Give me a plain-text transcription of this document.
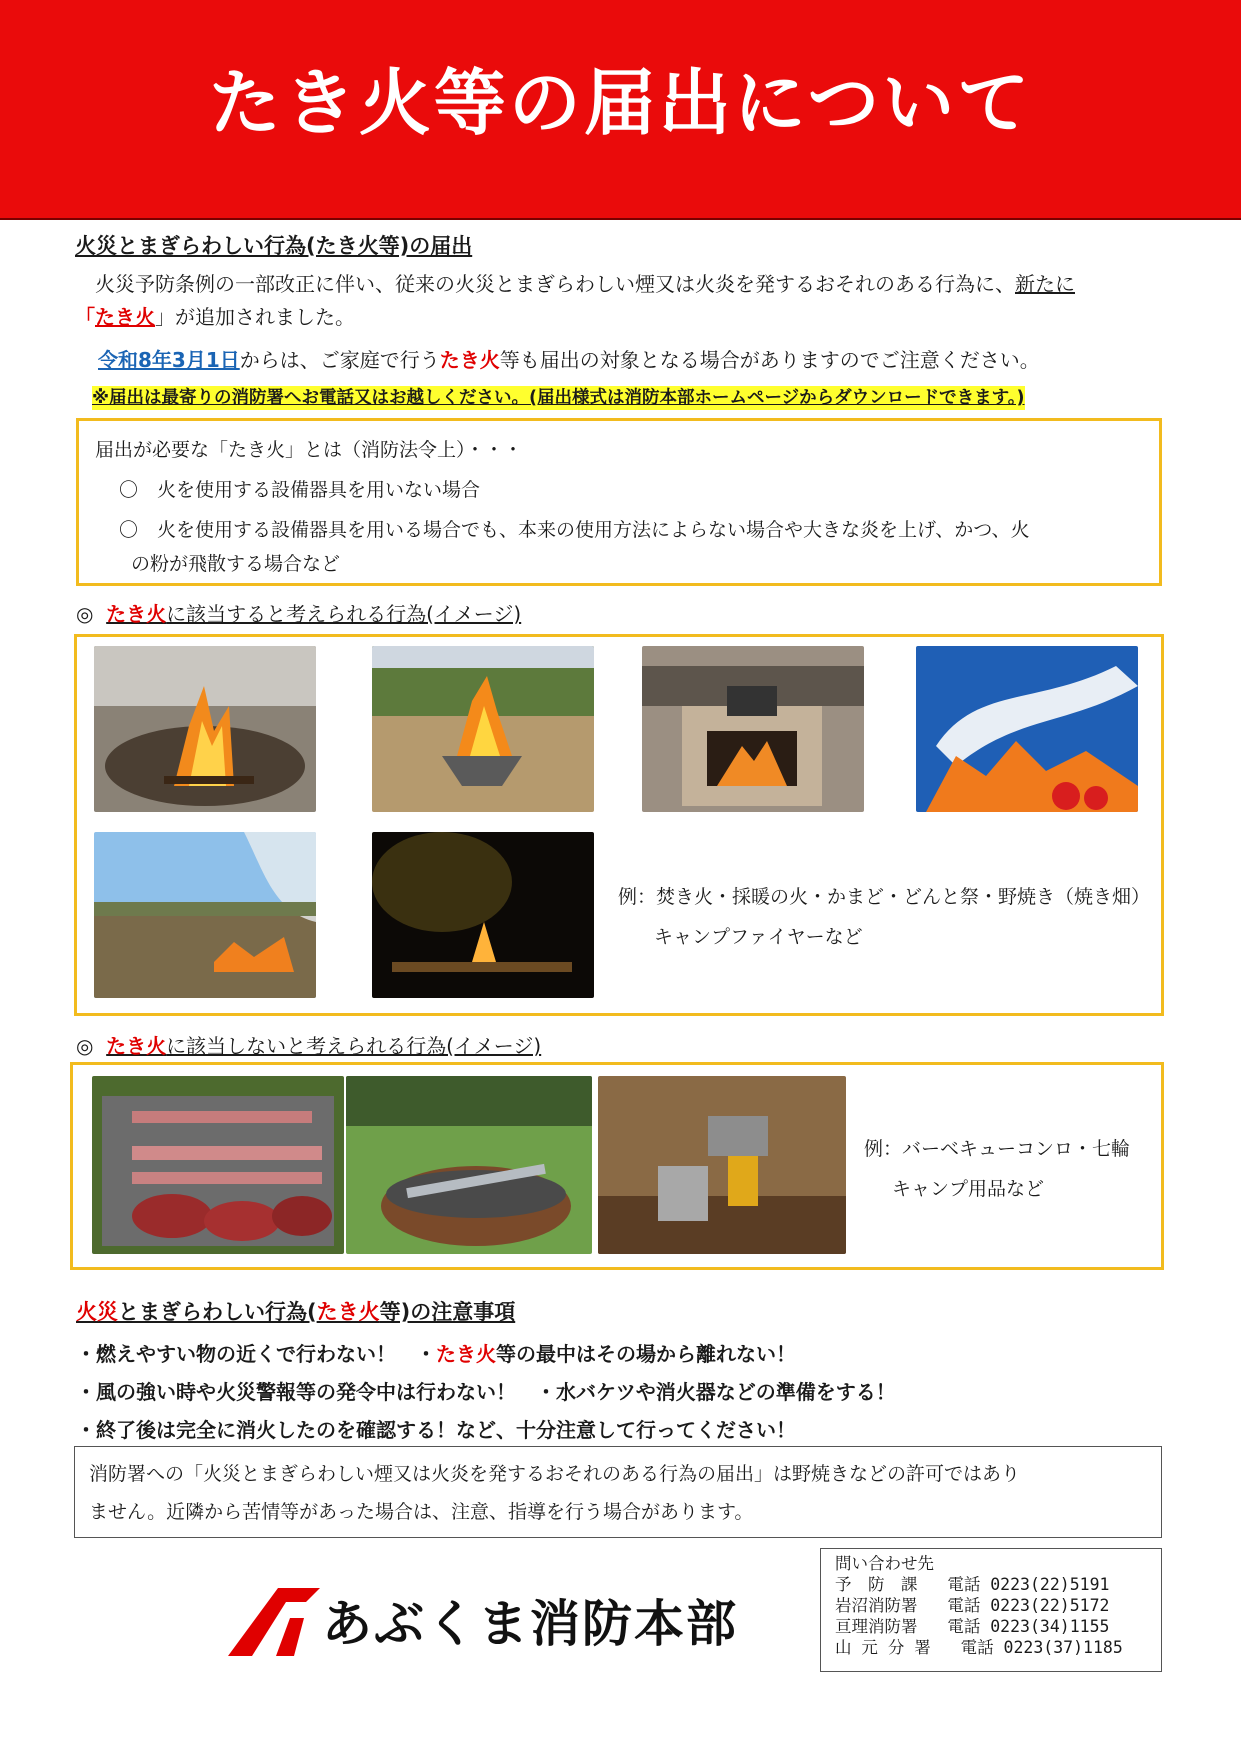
たき火等の届出について
火災とまぎらわしい行為(たき火等)の届出
　火災予防条例の一部改正に伴い、従来の火災とまぎらわしい煙又は火炎を発するおそれのある行為に、新たに
「たき火」が追加されました。
令和8年3月1日からは、ご家庭で行うたき火等も届出の対象となる場合がありますのでご注意ください。
※届出は最寄りの消防署へお電話又はお越しください。(届出様式は消防本部ホームページからダウンロードできます。)
届出が必要な「たき火」とは（消防法令上）・・・
〇　火を使用する設備器具を用いない場合
〇　火を使用する設備器具を用いる場合でも、本来の使用方法によらない場合や大きな炎を上げ、かつ、火
の粉が飛散する場合など
◎ たき火に該当すると考えられる行為(イメージ)
例：焚き火・採暖の火・かまど・どんと祭・野焼き（焼き畑）
キャンプファイヤーなど
◎ たき火に該当しないと考えられる行為(イメージ)
例：バーベキューコンロ・七輪
キャンプ用品など
火災とまぎらわしい行為(たき火等)の注意事項
・燃えやすい物の近くで行わない！　・たき火等の最中はその場から離れない！
・風の強い時や火災警報等の発令中は行わない！　・水バケツや消火器などの準備をする！
・終了後は完全に消火したのを確認する！など、十分注意して行ってください！
消防署への「火災とまぎらわしい煙又は火炎を発するおそれのある行為の届出」は野焼きなどの許可ではあり
ません。近隣から苦情等があった場合は、注意、指導を行う場合があります。
あぶくま消防本部
問い合わせ先
予　防　課 電話 0223(22)5191
岩沼消防署 電話 0223(22)5172
亘理消防署 電話 0223(34)1155
山 元 分 署 電話 0223(37)1185
